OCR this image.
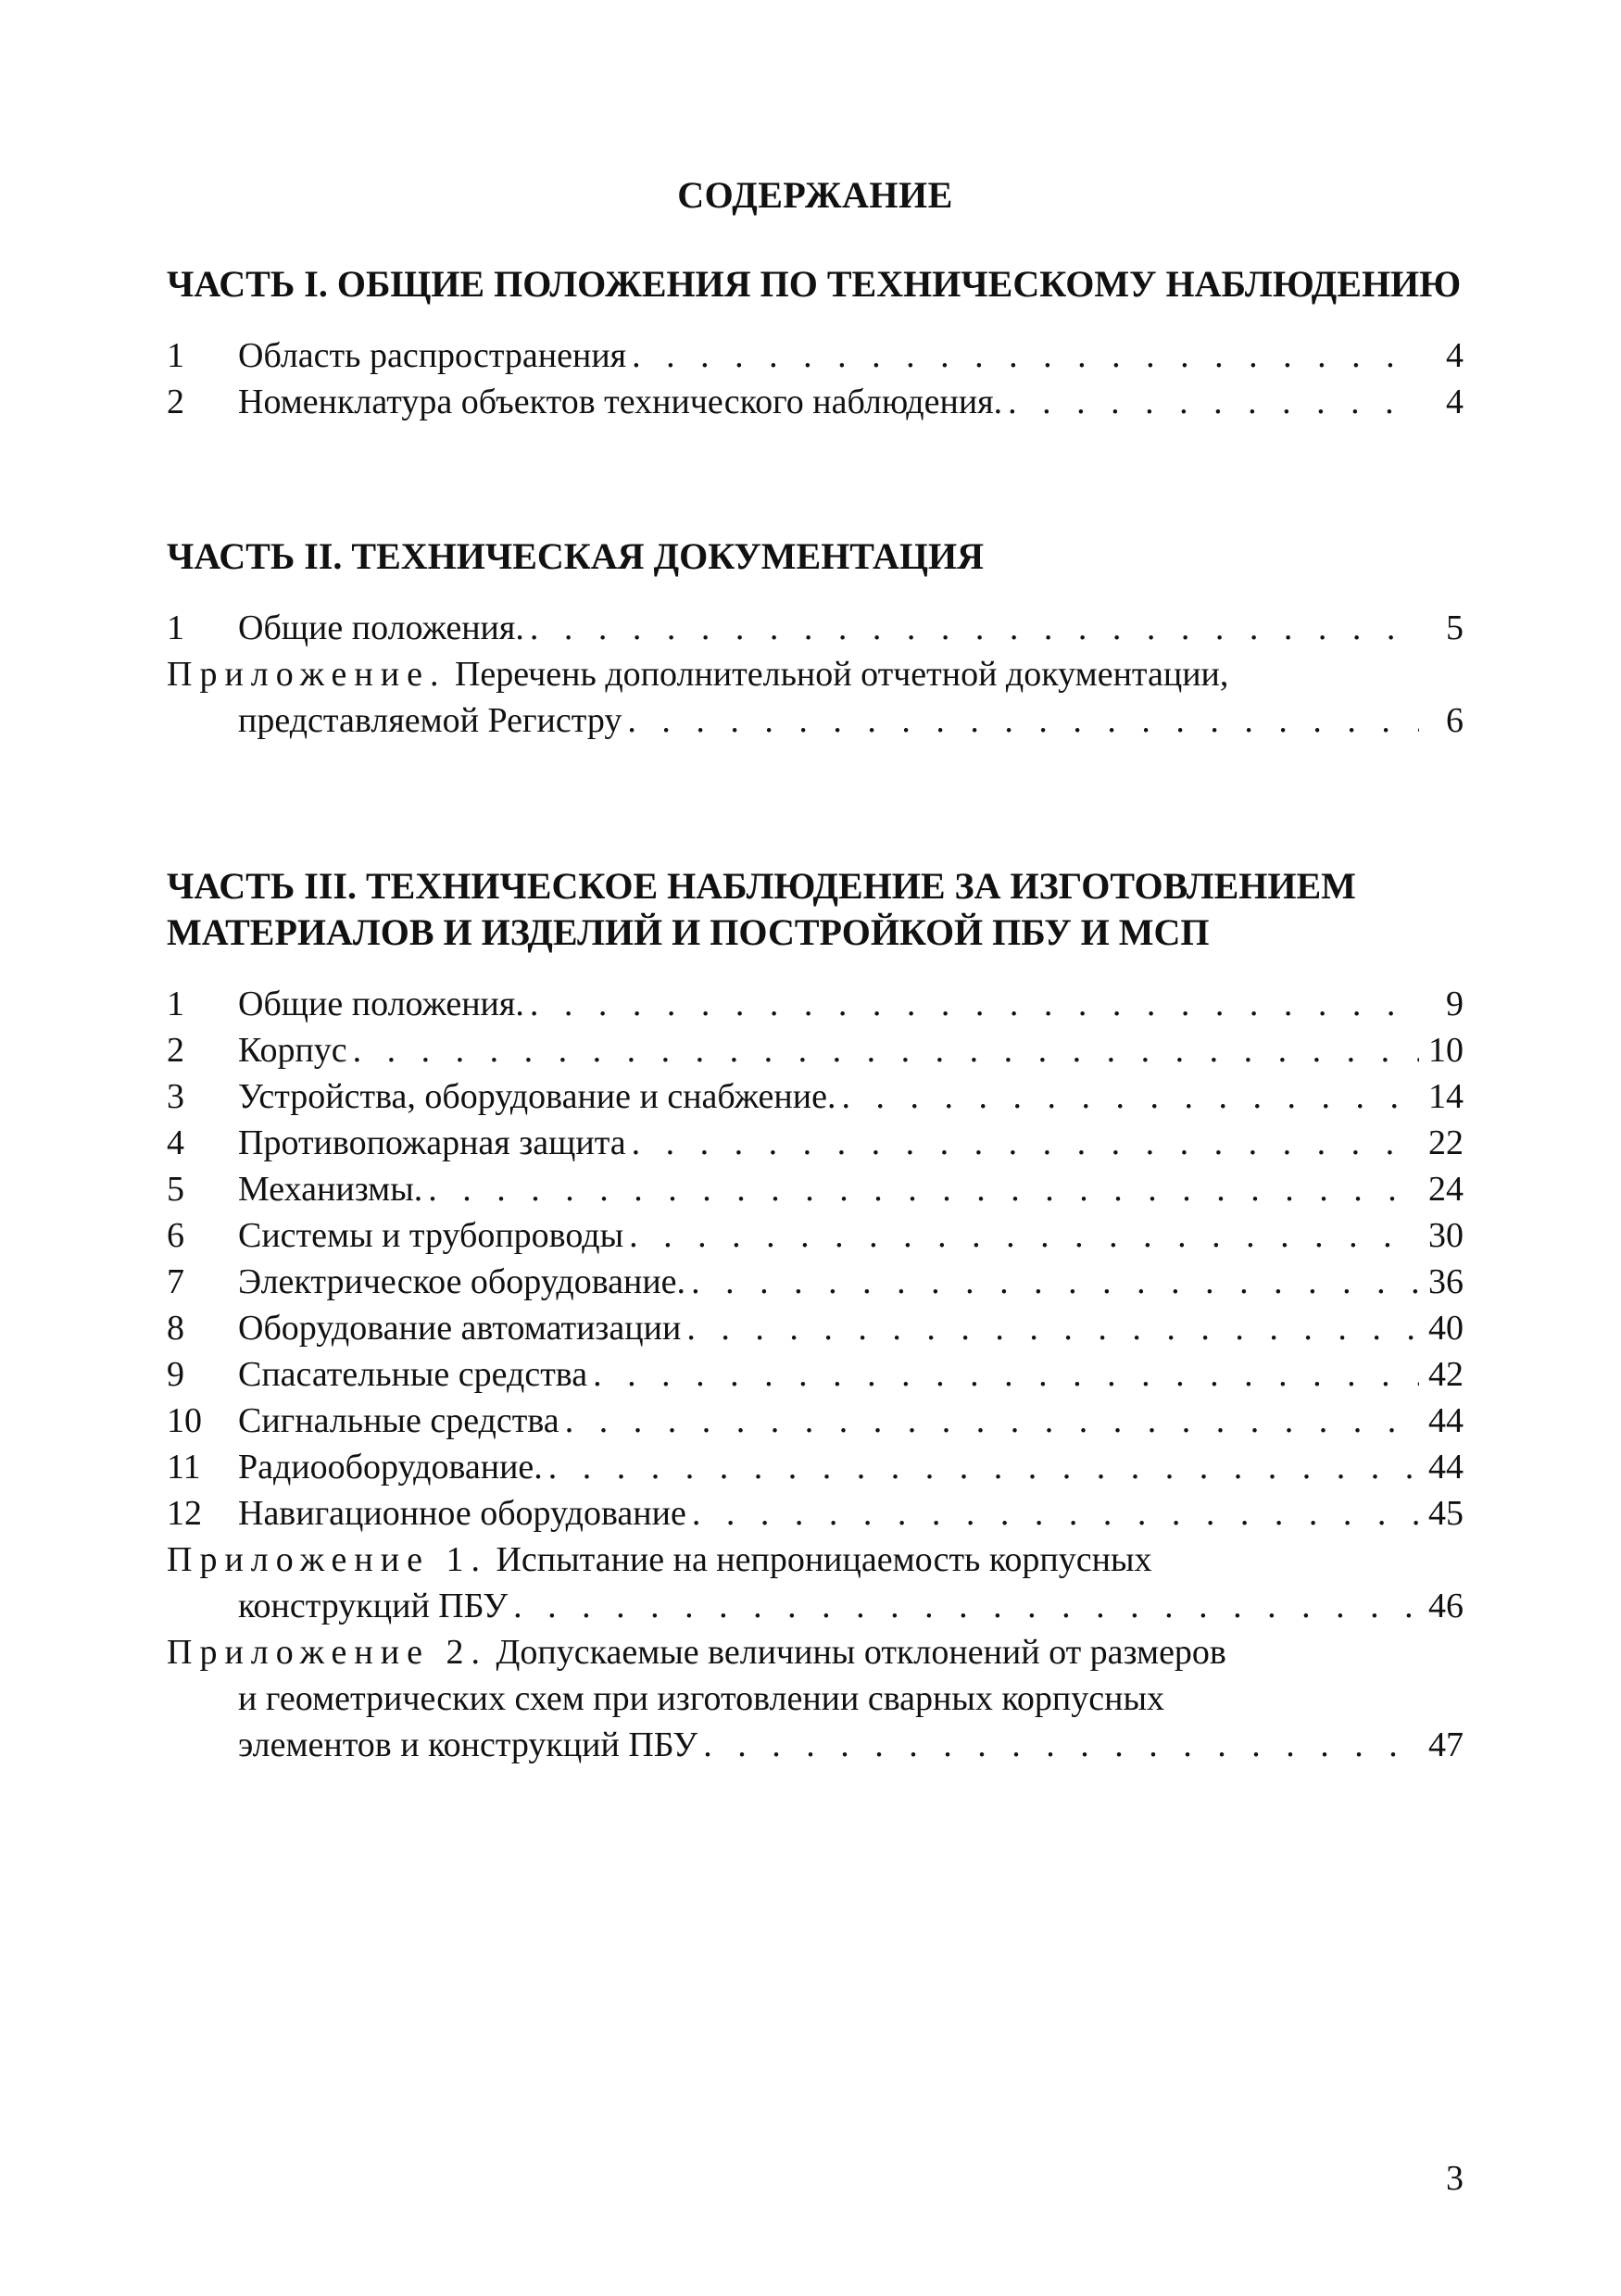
СОДЕРЖАНИЕ
ЧАСТЬ I. ОБЩИЕ ПОЛОЖЕНИЯ ПО ТЕХНИЧЕСКОМУ НАБЛЮДЕНИЮ
1	Область распространения . . .	4
2	Номенклатура объектов технического наблюдения. . . .	4
ЧАСТЬ II. ТЕХНИЧЕСКАЯ ДОКУМЕНТАЦИЯ
1	Общие положения. . . .	5
Приложение. Перечень дополнительной отчетной документации,
представляемой Регистру . . .	6
ЧАСТЬ III. ТЕХНИЧЕСКОЕ НАБЛЮДЕНИЕ ЗА ИЗГОТОВЛЕНИЕМ
МАТЕРИАЛОВ И ИЗДЕЛИЙ И ПОСТРОЙКОЙ ПБУ И МСП
1	Общие положения. . . .	9
2	Корпус . . .	10
3	Устройства, оборудование и снабжение. . . .	14
4	Противопожарная защита . . .	22
5	Механизмы. . . .	24
6	Системы и трубопроводы . . .	30
7	Электрическое оборудование. . . .	36
8	Оборудование автоматизации . . .	40
9	Спасательные средства . . .	42
10	Сигнальные средства . . .	44
11	Радиооборудование. . . .	44
12	Навигационное оборудование . . .	45
Приложение 1. Испытание на непроницаемость корпусных
конструкций ПБУ . . .	46
Приложение 2. Допускаемые величины отклонений от размеров
и геометрических схем при изготовлении сварных корпусных
элементов и конструкций ПБУ . . .	47
3
